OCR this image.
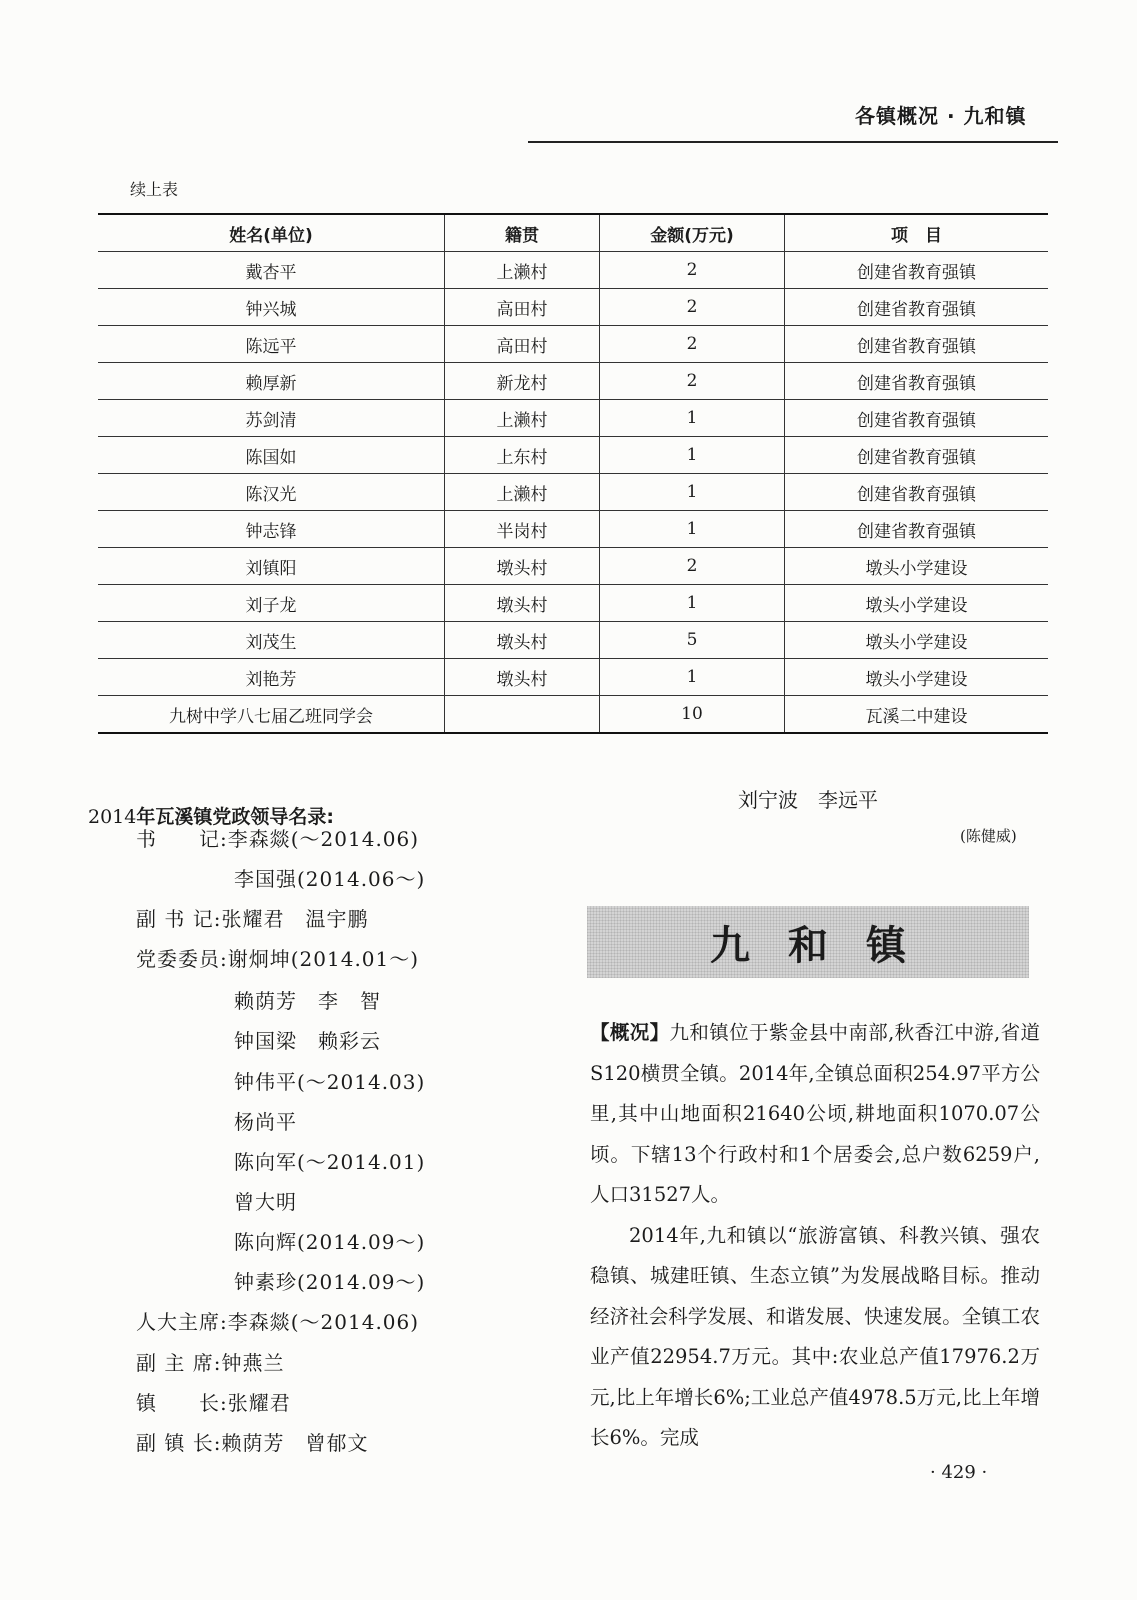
各镇概况 · 九和镇
续上表
姓名(单位)	籍贯	金额(万元)	项　目
戴杏平	上濑村	2	创建省教育强镇
钟兴城	高田村	2	创建省教育强镇
陈远平	高田村	2	创建省教育强镇
赖厚新	新龙村	2	创建省教育强镇
苏剑清	上濑村	1	创建省教育强镇
陈国如	上东村	1	创建省教育强镇
陈汉光	上濑村	1	创建省教育强镇
钟志锋	半岗村	1	创建省教育强镇
刘镇阳	墩头村	2	墩头小学建设
刘子龙	墩头村	1	墩头小学建设
刘茂生	墩头村	5	墩头小学建设
刘艳芳	墩头村	1	墩头小学建设
九树中学八七届乙班同学会		10	瓦溪二中建设
2014年瓦溪镇党政领导名录:
书　　记:李森燚(～2014.06)
李国强(2014.06～)
副 书 记:张耀君　温宇鹏
党委委员:谢炯坤(2014.01～)
赖荫芳　李　智
钟国梁　赖彩云
钟伟平(～2014.03)
杨尚平
陈向军(～2014.01)
曾大明
陈向辉(2014.09～)
钟素珍(2014.09～)
人大主席:李森燚(～2014.06)
副 主 席:钟燕兰
镇　　长:张耀君
副 镇 长:赖荫芳　曾郁文
刘宁波　李远平
(陈健威)
九和镇

【概况】九和镇位于紫金县中南部,秋香江中游,省道S120横贯全镇。2014年,全镇总面积254.97平方公里,其中山地面积21640公顷,耕地面积1070.07公顷。下辖13个行政村和1个居委会,总户数6259户,人口31527人。

2014年,九和镇以“旅游富镇、科教兴镇、强农稳镇、城建旺镇、生态立镇”为发展战略目标。推动经济社会科学发展、和谐发展、快速发展。全镇工农业产值22954.7万元。其中:农业总产值17976.2万元,比上年增长6%;工业总产值4978.5万元,比上年增长6%。完成

· 429 ·
